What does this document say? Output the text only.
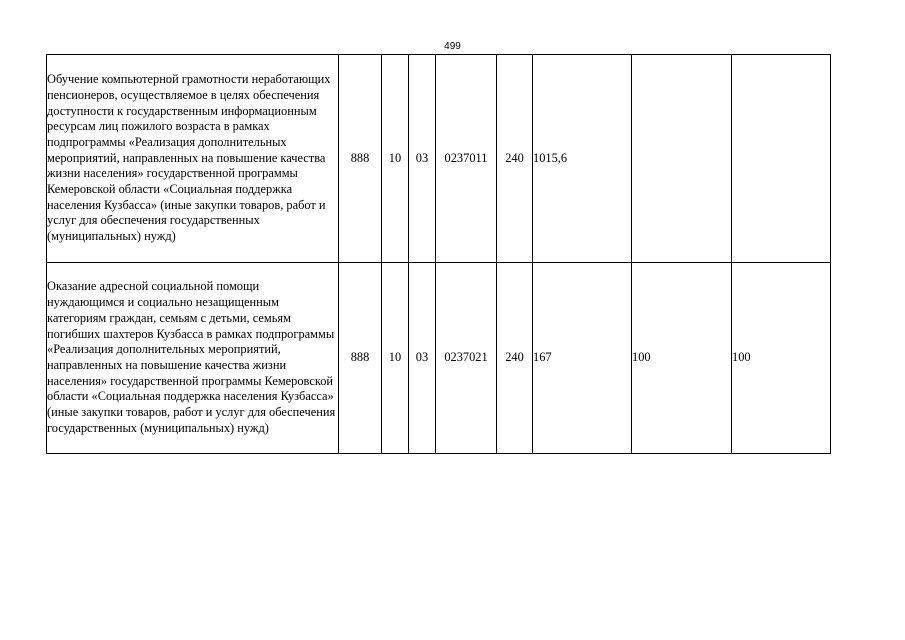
499
Обучение компьютерной грамотности неработающих пенсионеров, осуществляемое в целях обеспечения доступности к государственным информационным ресурсам лиц пожилого возраста в рамках подпрограммы «Реализация дополнительных мероприятий, направленных на повышение качества жизни населения» государственной программы Кемеровской области «Социальная поддержка населения Кузбасса» (иные закупки товаров, работ и услуг для обеспечения государственных (муниципальных) нужд)	888	10	03	0237011	240	1015,6		
Оказание адресной социальной помощи нуждающимся и социально незащищенным категориям граждан, семьям с детьми, семьям погибших шахтеров Кузбасса в рамках подпрограммы «Реализация дополнительных мероприятий, направленных на повышение качества жизни населения» государственной программы Кемеровской области «Социальная поддержка населения Кузбасса» (иные закупки товаров, работ и услуг для обеспечения государственных (муниципальных) нужд)	888	10	03	0237021	240	167	100	100
